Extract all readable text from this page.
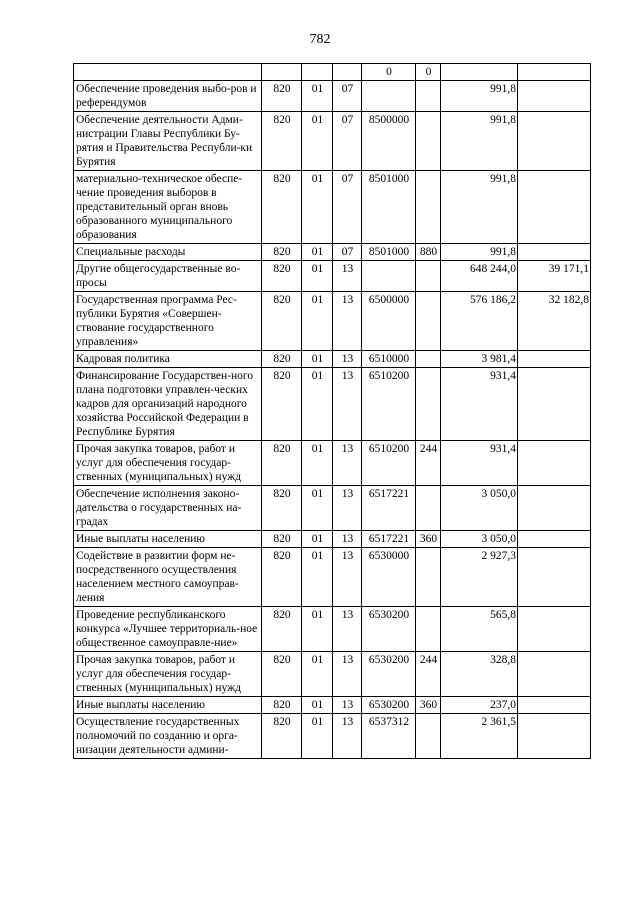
782
				0	0		
Обеспечение проведения выбо-ров и референдумов	820	01	07			991,8	
Обеспечение деятельности Адми-нистрации Главы Республики Бу-рятия и Правительства Республи-ки Бурятия	820	01	07	8500000		991,8	
материально-техническое обеспе-чение проведения выборов в представительный орган вновь образованного муниципального образования	820	01	07	8501000		991,8	
Специальные расходы	820	01	07	8501000	880	991,8	
Другие общегосударственные во-просы	820	01	13			648 244,0	39 171,1
Государственная программа Рес-публики Бурятия «Совершен-ствование государственного управления»	820	01	13	6500000		576 186,2	32 182,8
Кадровая политика	820	01	13	6510000		3 981,4	
Финансирование Государствен-ного плана подготовки управлен-ческих кадров для организаций народного хозяйства Российской Федерации в Республике Бурятия	820	01	13	6510200		931,4	
Прочая закупка товаров, работ и услуг для обеспечения государ-ственных (муниципальных) нужд	820	01	13	6510200	244	931,4	
Обеспечение исполнения законо-дательства о государственных на-градах	820	01	13	6517221		3 050,0	
Иные выплаты населению	820	01	13	6517221	360	3 050,0	
Содействие в развитии форм не-посредственного осуществления населением местного самоуправ-ления	820	01	13	6530000		2 927,3	
Проведение республиканского конкурса «Лучшее территориаль-ное общественное самоуправле-ние»	820	01	13	6530200		565,8	
Прочая закупка товаров, работ и услуг для обеспечения государ-ственных (муниципальных) нужд	820	01	13	6530200	244	328,8	
Иные выплаты населению	820	01	13	6530200	360	237,0	
Осуществление государственных полномочий по созданию и орга-низации деятельности админи-	820	01	13	6537312		2 361,5	
